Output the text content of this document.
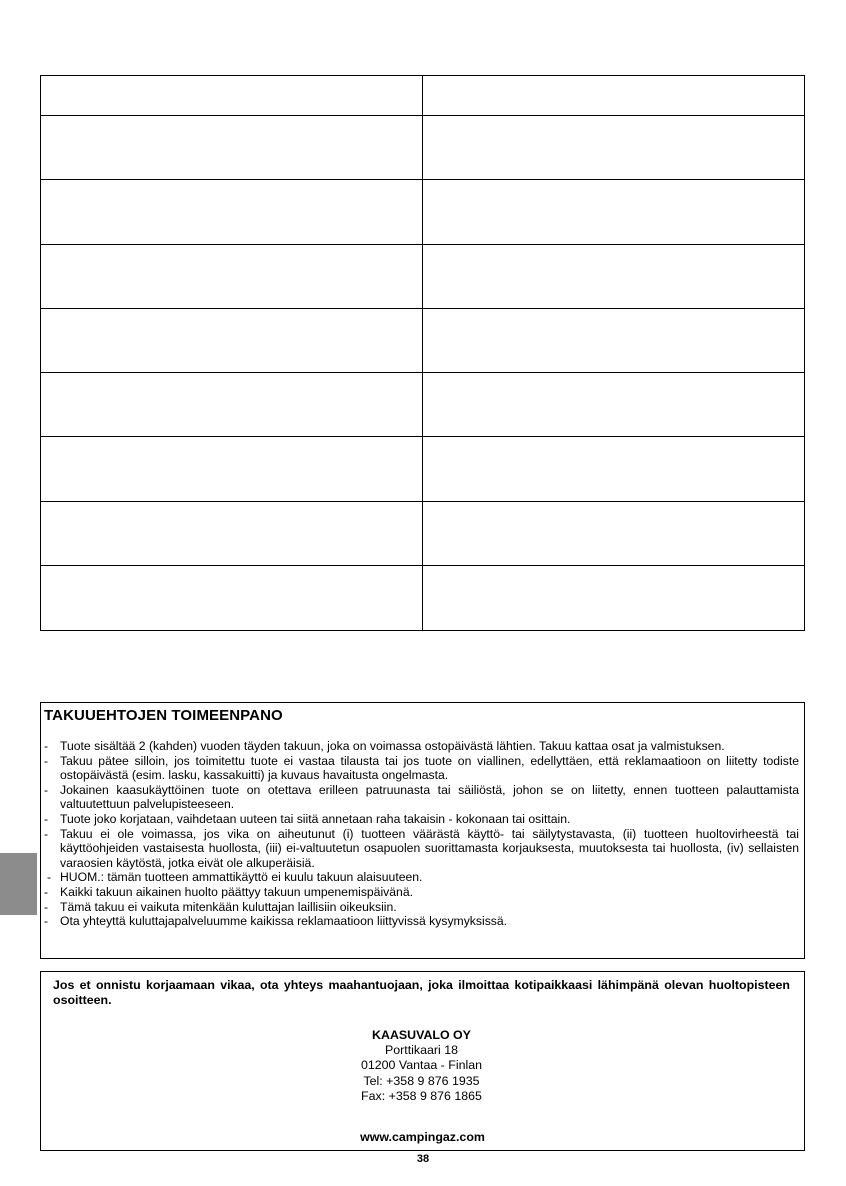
TAKUUEHTOJEN TOIMEENPANO
- Tuote sisältää 2 (kahden) vuoden täyden takuun, joka on voimassa ostopäivästä lähtien. Takuu kattaa osat ja valmistuksen.
- Takuu pätee silloin, jos toimitettu tuote ei vastaa tilausta tai jos tuote on viallinen, edellyttäen, että reklamaatioon on liitetty todiste ostopäivästä (esim. lasku, kassakuitti) ja kuvaus havaitusta ongelmasta.
- Jokainen kaasukäyttöinen tuote on otettava erilleen patruunasta tai säiliöstä, johon se on liitetty, ennen tuotteen palauttamista valtuutettuun palvelupisteeseen.
- Tuote joko korjataan, vaihdetaan uuteen tai siitä annetaan raha takaisin - kokonaan tai osittain.
- Takuu ei ole voimassa, jos vika on aiheutunut (i) tuotteen väärästä käyttö- tai säilytystavasta, (ii) tuotteen huoltovirheestä tai käyttöohjeiden vastaisesta huollosta, (iii) ei-valtuutetun osapuolen suorittamasta korjauksesta, muutoksesta tai huollosta, (iv) sellaisten varaosien käytöstä, jotka eivät ole alkuperäisiä.
- HUOM.: tämän tuotteen ammattikäyttö ei kuulu takuun alaisuuteen.
- Kaikki takuun aikainen huolto päättyy takuun umpenemispäivänä.
- Tämä takuu ei vaikuta mitenkään kuluttajan laillisiin oikeuksiin.
- Ota yhteyttä kuluttajapalveluumme kaikissa reklamaatioon liittyvissä kysymyksissä.

Jos et onnistu korjaamaan vikaa, ota yhteys maahantuojaan, joka ilmoittaa kotipaikkaasi lähimpänä olevan huoltopisteen osoitteen.

KAASUVALO OY
Porttikaari 18
01200 Vantaa - Finlan
Tel: +358 9 876 1935
Fax: +358 9 876 1865
www.campingaz.com
38
